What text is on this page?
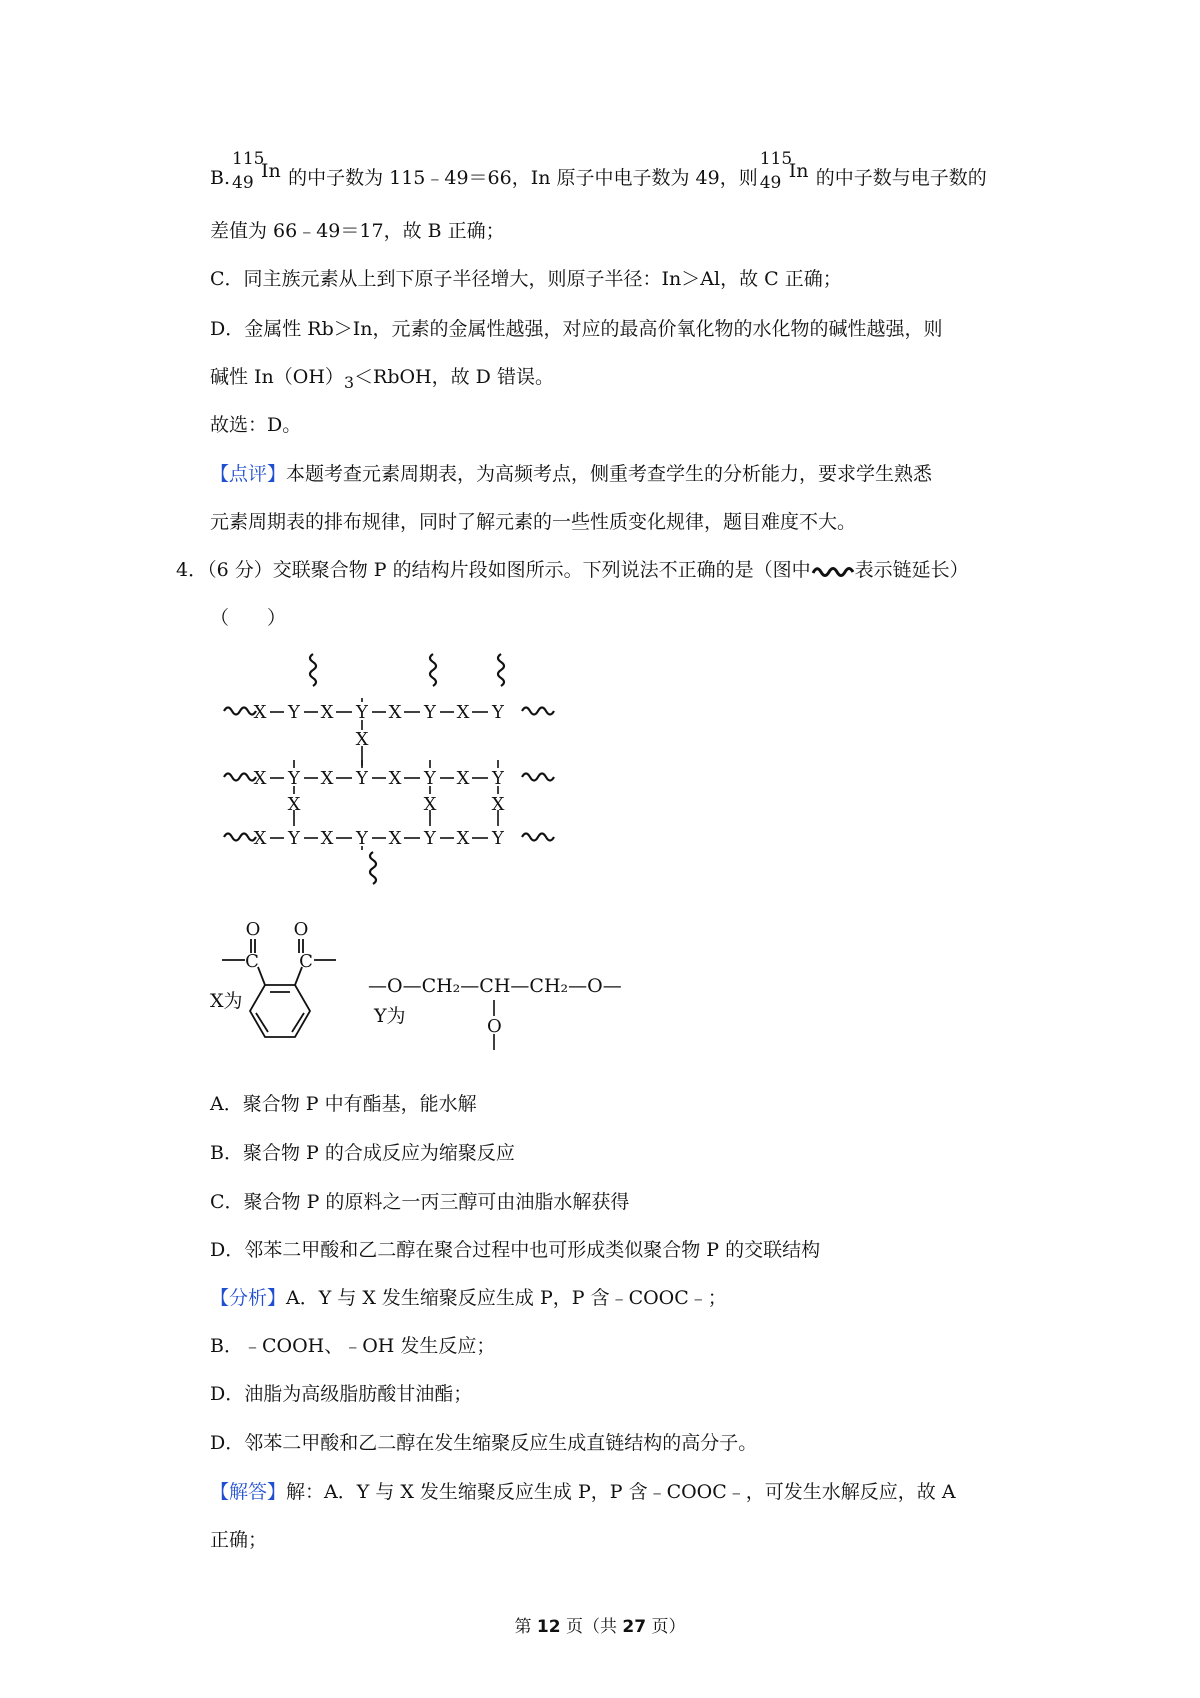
B.
115
49
In 的中子数为 115﹣49＝66，In 原子中电子数为 49，则
115
49
In 的中子数与电子数的
差值为 66﹣49＝17，故 B 正确；
C．同主族元素从上到下原子半径增大，则原子半径：In＞Al，故 C 正确；
D．金属性 Rb＞In，元素的金属性越强，对应的最高价氧化物的水化物的碱性越强，则
碱性 $In(OH)_3<RbOH$，故 D 错误。
故选：D。
【点评】本题考查元素周期表，为高频考点，侧重考查学生的分析能力，要求学生熟悉
元素周期表的排布规律，同时了解元素的一些性质变化规律，题目难度不大。
4．（6 分）交联聚合物 P 的结构片段如图所示。下列说法不正确的是（图中 表示链延长）
（　　）
X Y X Y X Y X Y
X
X Y X Y X Y X Y
X	X	X
X Y X Y X Y X Y
O
C
O
C
X为
—O—CH₂—CH—CH₂—O—
O
Y为
A．聚合物 P 中有酯基，能水解
B．聚合物 P 的合成反应为缩聚反应
C．聚合物 P 的原料之一丙三醇可由油脂水解获得
D．邻苯二甲酸和乙二醇在聚合过程中也可形成类似聚合物 P 的交联结构
【分析】A．Y 与 X 发生缩聚反应生成 P，P 含﹣COOC﹣；
B．﹣COOH、﹣OH 发生反应；
D．油脂为高级脂肪酸甘油酯；
D．邻苯二甲酸和乙二醇在发生缩聚反应生成直链结构的高分子。
【解答】解：A．Y 与 X 发生缩聚反应生成 P，P 含﹣COOC﹣，可发生水解反应，故 A
正确；
第 12 页（共 27 页）
